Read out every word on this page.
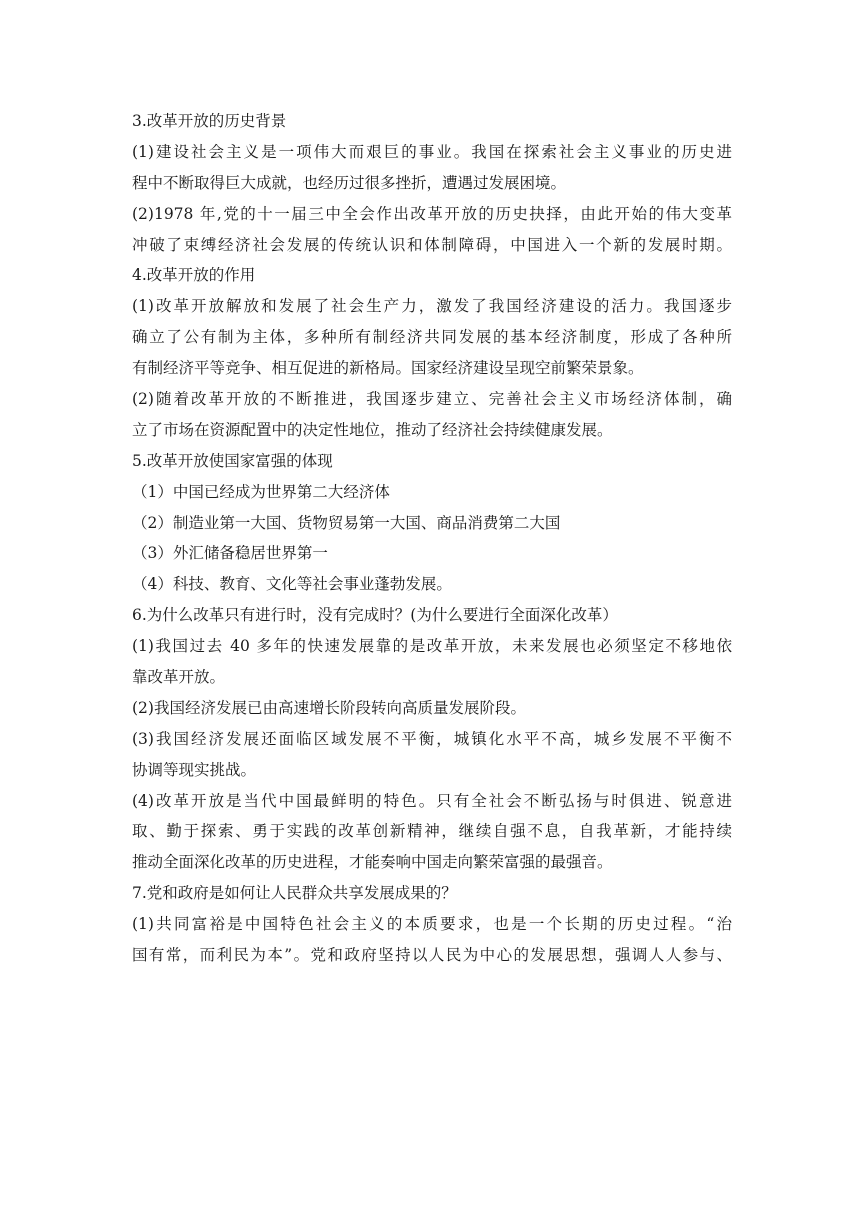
3.改革开放的历史背景
(1)建设社会主义是一项伟大而艰巨的事业。我国在探索社会主义事业的历史进
程中不断取得巨大成就，也经历过很多挫折，遭遇过发展困境。
(2)1978 年,党的十一届三中全会作出改革开放的历史抉择，由此开始的伟大变革
冲破了束缚经济社会发展的传统认识和体制障碍，中国进入一个新的发展时期。
4.改革开放的作用
(1)改革开放解放和发展了社会生产力，激发了我国经济建设的活力。我国逐步
确立了公有制为主体，多种所有制经济共同发展的基本经济制度，形成了各种所
有制经济平等竞争、相互促进的新格局。国家经济建设呈现空前繁荣景象。
(2)随着改革开放的不断推进，我国逐步建立、完善社会主义市场经济体制，确
立了市场在资源配置中的决定性地位，推动了经济社会持续健康发展。
5.改革开放使国家富强的体现
（1）中国已经成为世界第二大经济体
（2）制造业第一大国、货物贸易第一大国、商品消费第二大国
（3）外汇储备稳居世界第一
（4）科技、教育、文化等社会事业蓬勃发展。
6.为什么改革只有进行时，没有完成时？(为什么要进行全面深化改革）
(1)我国过去 40 多年的快速发展靠的是改革开放，未来发展也必须坚定不移地依
靠改革开放。
(2)我国经济发展已由高速增长阶段转向高质量发展阶段。
(3)我国经济发展还面临区域发展不平衡，城镇化水平不高，城乡发展不平衡不
协调等现实挑战。
(4)改革开放是当代中国最鲜明的特色。只有全社会不断弘扬与时俱进、锐意进
取、勤于探索、勇于实践的改革创新精神，继续自强不息，自我革新，才能持续
推动全面深化改革的历史进程，才能奏响中国走向繁荣富强的最强音。
7.党和政府是如何让人民群众共享发展成果的？
(1)共同富裕是中国特色社会主义的本质要求，也是一个长期的历史过程。“治
国有常，而利民为本”。党和政府坚持以人民为中心的发展思想，强调人人参与、
